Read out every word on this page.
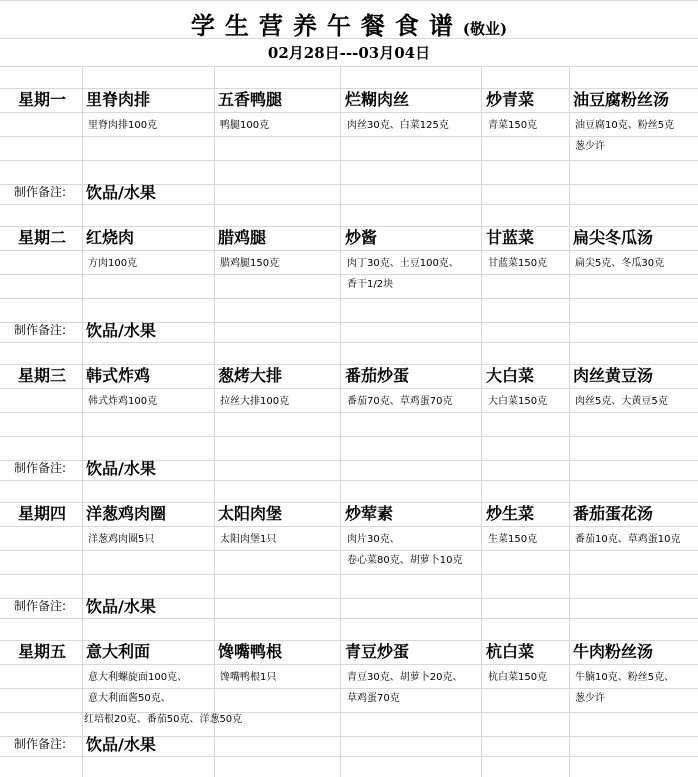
学生营养午餐食谱(敬业)
02月28日---03月04日
星期一 里脊肉排
里脊肉排100克
五香鸭腿
鸭腿100克
烂糊肉丝
肉丝30克、白菜125克
炒青菜
青菜150克
油豆腐粉丝汤
油豆腐10克、粉丝5克
葱少许
制作备注: 饮品/水果
星期二 红烧肉
方肉100克
腊鸡腿
腊鸡腿150克
炒酱
肉丁30克、土豆100克、
香干1/2块
甘蓝菜
甘蓝菜150克
扁尖冬瓜汤
扁尖5克、冬瓜30克
制作备注: 饮品/水果
星期三 韩式炸鸡
韩式炸鸡100克
葱烤大排
拉丝大排100克
番茄炒蛋
番茄70克、草鸡蛋70克
大白菜
大白菜150克
肉丝黄豆汤
肉丝5克、大黄豆5克
制作备注: 饮品/水果
星期四 洋葱鸡肉圈
洋葱鸡肉圈5只
太阳肉堡
太阳肉堡1只
炒荤素
肉片30克、
卷心菜80克、胡萝卜10克
炒生菜
生菜150克
番茄蛋花汤
番茄10克、草鸡蛋10克
制作备注: 饮品/水果
星期五 意大利面
意大利螺旋面100克、
意大利面酱50克、
红培根20克、番茄50克、洋葱50克
馋嘴鸭根
馋嘴鸭根1只
青豆炒蛋
青豆30克、胡萝卜20克、
草鸡蛋70克
杭白菜
杭白菜150克
牛肉粉丝汤
牛腩10克、粉丝5克、
葱少许
制作备注: 饮品/水果
